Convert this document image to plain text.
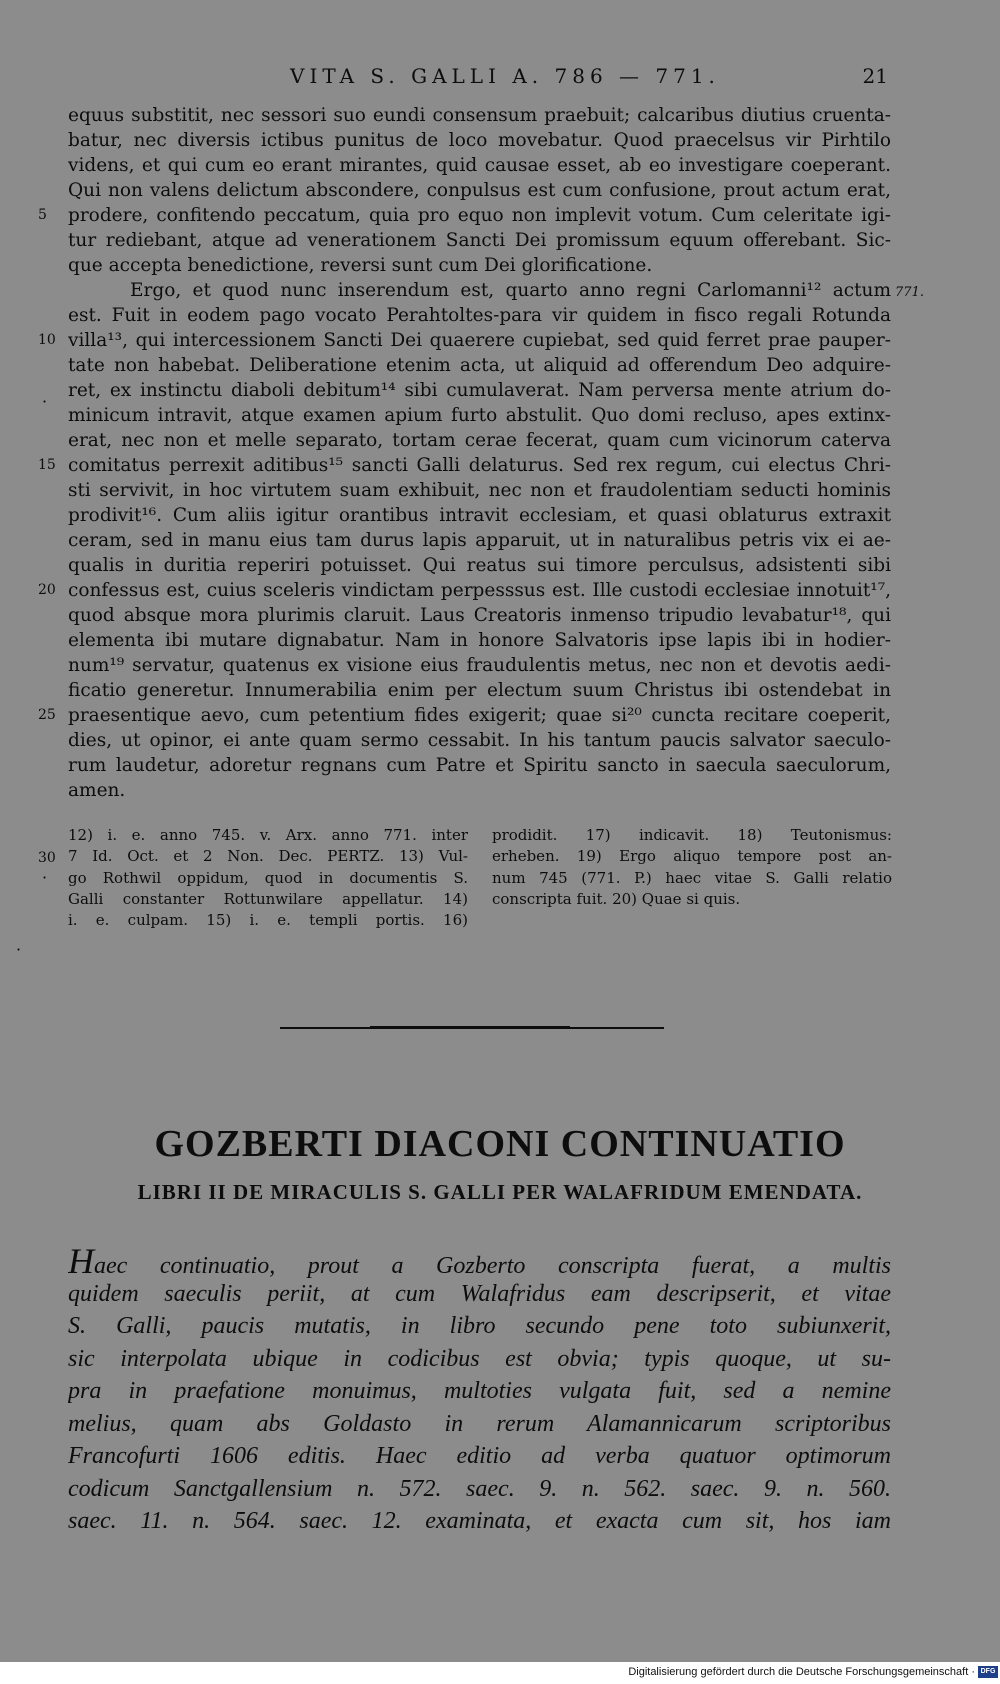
VITA S. GALLI A. 786 — 771.	21
equus substitit, nec sessori suo eundi consensum praebuit; calcaribus diutius cruenta-
batur, nec diversis ictibus punitus de loco movebatur. Quod praecelsus vir Pirhtilo
videns, et qui cum eo erant mirantes, quid causae esset, ab eo investigare coeperant.
Qui non valens delictum abscondere, conpulsus est cum confusione, prout actum erat,
prodere, confitendo peccatum, quia pro equo non implevit votum. Cum celeritate igi-
tur rediebant, atque ad venerationem Sancti Dei promissum equum offerebant. Sic-
que accepta benedictione, reversi sunt cum Dei glorificatione.
Ergo, et quod nunc inserendum est, quarto anno regni Carlomanni¹² actum
est. Fuit in eodem pago vocato Perahtoltes-para vir quidem in fisco regali Rotunda
villa¹³, qui intercessionem Sancti Dei quaerere cupiebat, sed quid ferret prae pauper-
tate non habebat. Deliberatione etenim acta, ut aliquid ad offerendum Deo adquire-
ret, ex instinctu diaboli debitum¹⁴ sibi cumulaverat. Nam perversa mente atrium do-
minicum intravit, atque examen apium furto abstulit. Quo domi recluso, apes extinx-
erat, nec non et melle separato, tortam cerae fecerat, quam cum vicinorum caterva
comitatus perrexit aditibus¹⁵ sancti Galli delaturus. Sed rex regum, cui electus Chri-
sti servivit, in hoc virtutem suam exhibuit, nec non et fraudolentiam seducti hominis
prodivit¹⁶. Cum aliis igitur orantibus intravit ecclesiam, et quasi oblaturus extraxit
ceram, sed in manu eius tam durus lapis apparuit, ut in naturalibus petris vix ei ae-
qualis in duritia reperiri potuisset. Qui reatus sui timore perculsus, adsistenti sibi
confessus est, cuius sceleris vindictam perpesssus est. Ille custodi ecclesiae innotuit¹⁷,
quod absque mora plurimis claruit. Laus Creatoris inmenso tripudio levabatur¹⁸, qui
elementa ibi mutare dignabatur. Nam in honore Salvatoris ipse lapis ibi in hodier-
num¹⁹ servatur, quatenus ex visione eius fraudulentis metus, nec non et devotis aedi-
ficatio generetur. Innumerabilia enim per electum suum Christus ibi ostendebat in
praesentique aevo, cum petentium fides exigerit; quae si²⁰ cuncta recitare coeperit,
dies, ut opinor, ei ante quam sermo cessabit. In his tantum paucis salvator saeculo-
rum laudetur, adoretur regnans cum Patre et Spiritu sancto in saecula saeculorum,
amen.
5
10
15
20
25
30
771.
·
·
·
12) i. e. anno 745. v. Arx. anno 771. inter
7 Id. Oct. et 2 Non. Dec. PERTZ. 13) Vul-
go Rothwil oppidum, quod in documentis S.
Galli constanter Rottunwilare appellatur. 14)
i. e. culpam. 15) i. e. templi portis. 16)
prodidit. 17) indicavit. 18) Teutonismus:
erheben. 19) Ergo aliquo tempore post an-
num 745 (771. P.) haec vitae S. Galli relatio
conscripta fuit. 20) Quae si quis.
GOZBERTI DIACONI CONTINUATIO
LIBRI II DE MIRACULIS S. GALLI PER WALAFRIDUM EMENDATA.
Haec continuatio, prout a Gozberto conscripta fuerat, a multis
quidem saeculis periit, at cum Walafridus eam descripserit, et vitae
S. Galli, paucis mutatis, in libro secundo pene toto subiunxerit,
sic interpolata ubique in codicibus est obvia; typis quoque, ut su-
pra in praefatione monuimus, multoties vulgata fuit, sed a nemine
melius, quam abs Goldasto in rerum Alamannicarum scriptoribus
Francofurti 1606 editis. Haec editio ad verba quatuor optimorum
codicum Sanctgallensium n. 572. saec. 9. n. 562. saec. 9. n. 560.
saec. 11. n. 564. saec. 12. examinata, et exacta cum sit, hos iam
Digitalisierung gefördert durch die Deutsche Forschungsgemeinschaft · DFG
